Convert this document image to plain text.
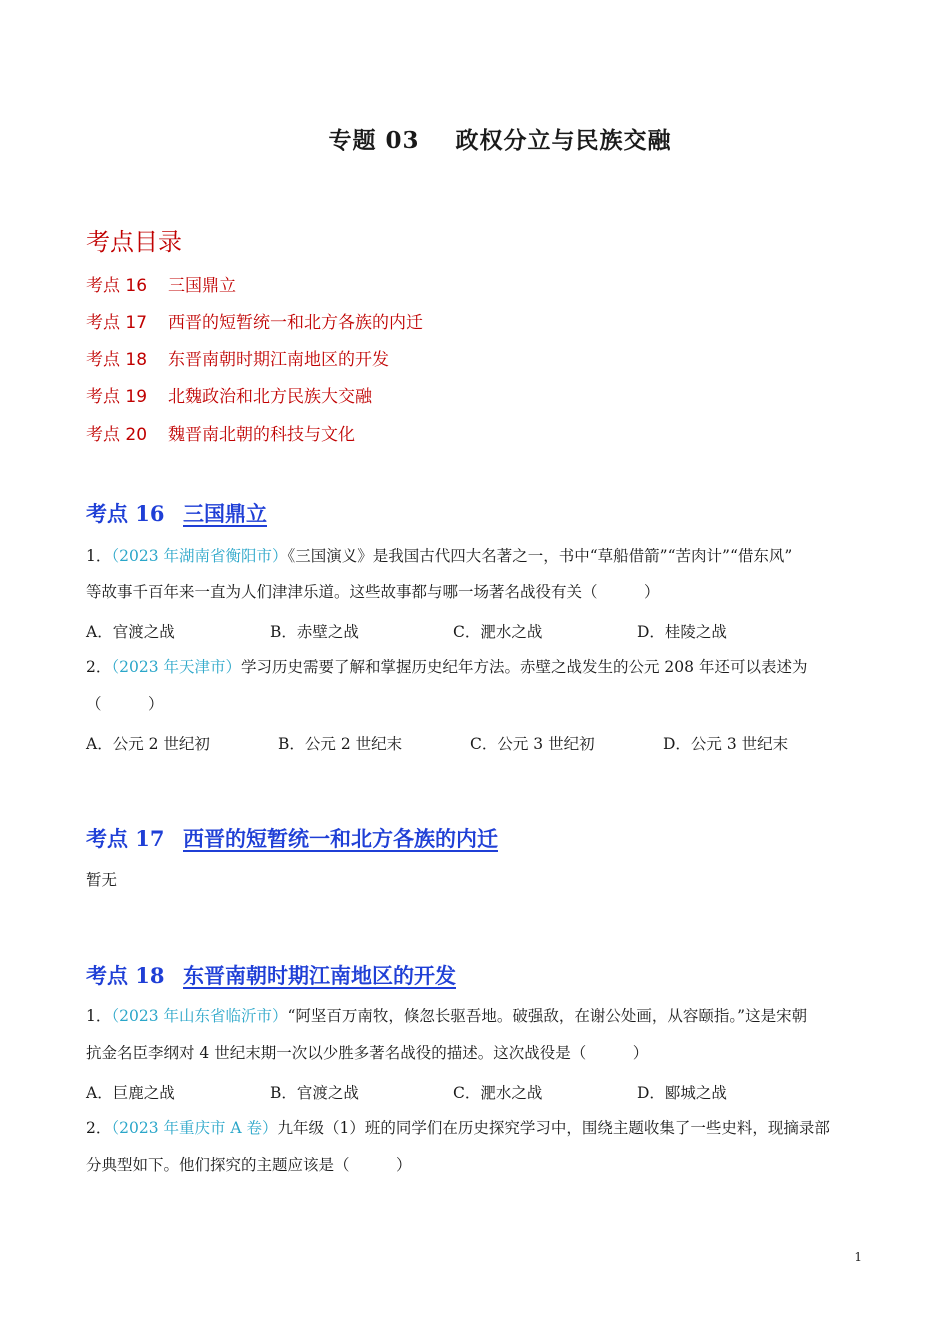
专题 03 政权分立与民族交融
考点目录
考点 16 三国鼎立
考点 17 西晋的短暂统一和北方各族的内迁
考点 18 东晋南朝时期江南地区的开发
考点 19 北魏政治和北方民族大交融
考点 20 魏晋南北朝的科技与文化
考点 16 三国鼎立
1．（2023 年湖南省衡阳市）《三国演义》是我国古代四大名著之一，书中“草船借箭”“苦肉计”“借东风”
等故事千百年来一直为人们津津乐道。这些故事都与哪一场著名战役有关（　　　）
A．官渡之战	B．赤壁之战	C．淝水之战	D．桂陵之战
2．（2023 年天津市）学习历史需要了解和掌握历史纪年方法。赤壁之战发生的公元 208 年还可以表述为
（　　　）
A．公元 2 世纪初	B．公元 2 世纪末	C．公元 3 世纪初	D．公元 3 世纪末
考点 17 西晋的短暂统一和北方各族的内迁
暂无
考点 18 东晋南朝时期江南地区的开发
1．（2023 年山东省临沂市）“阿坚百万南牧，倏忽长驱吾地。破强敌，在谢公处画，从容颐指。”这是宋朝
抗金名臣李纲对 4 世纪末期一次以少胜多著名战役的描述。这次战役是（　　　）
A．巨鹿之战	B．官渡之战	C．淝水之战	D．郾城之战
2．（2023 年重庆市 A 卷）九年级（1）班的同学们在历史探究学习中，围绕主题收集了一些史料，现摘录部
分典型如下。他们探究的主题应该是（　　　）
1
